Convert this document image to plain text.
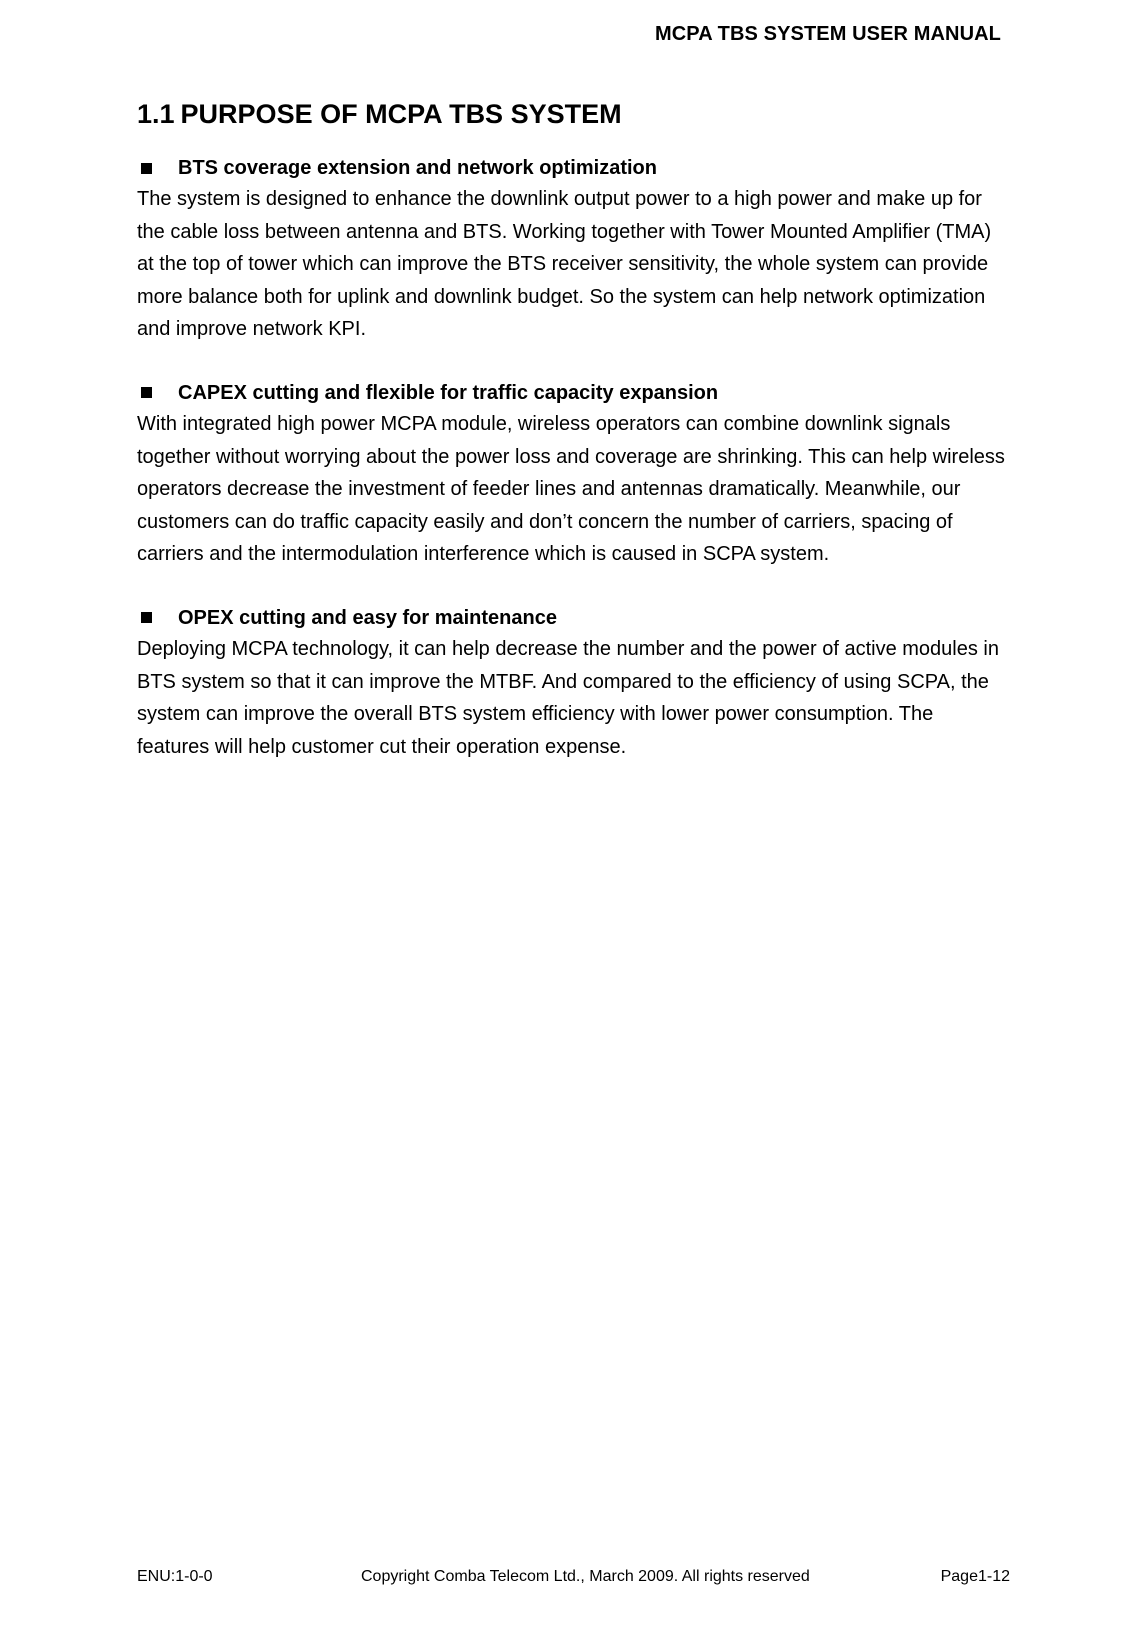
MCPA TBS SYSTEM USER MANUAL
1.1 PURPOSE OF MCPA TBS SYSTEM
BTS coverage extension and network optimization

The system is designed to enhance the downlink output power to a high power and make up for the cable loss between antenna and BTS. Working together with Tower Mounted Amplifier (TMA) at the top of tower which can improve the BTS receiver sensitivity, the whole system can provide more balance both for uplink and downlink budget. So the system can help network optimization and improve network KPI.

CAPEX cutting and flexible for traffic capacity expansion

With integrated high power MCPA module, wireless operators can combine downlink signals together without worrying about the power loss and coverage are shrinking. This can help wireless operators decrease the investment of feeder lines and antennas dramatically. Meanwhile, our customers can do traffic capacity easily and don’t concern the number of carriers, spacing of carriers and the intermodulation interference which is caused in SCPA system.

OPEX cutting and easy for maintenance

Deploying MCPA technology, it can help decrease the number and the power of active modules in BTS system so that it can improve the MTBF. And compared to the efficiency of using SCPA, the system can improve the overall BTS system efficiency with lower power consumption. The features will help customer cut their operation expense.

ENU:1-0-0	Copyright Comba Telecom Ltd., March 2009. All rights reserved	Page1-12
